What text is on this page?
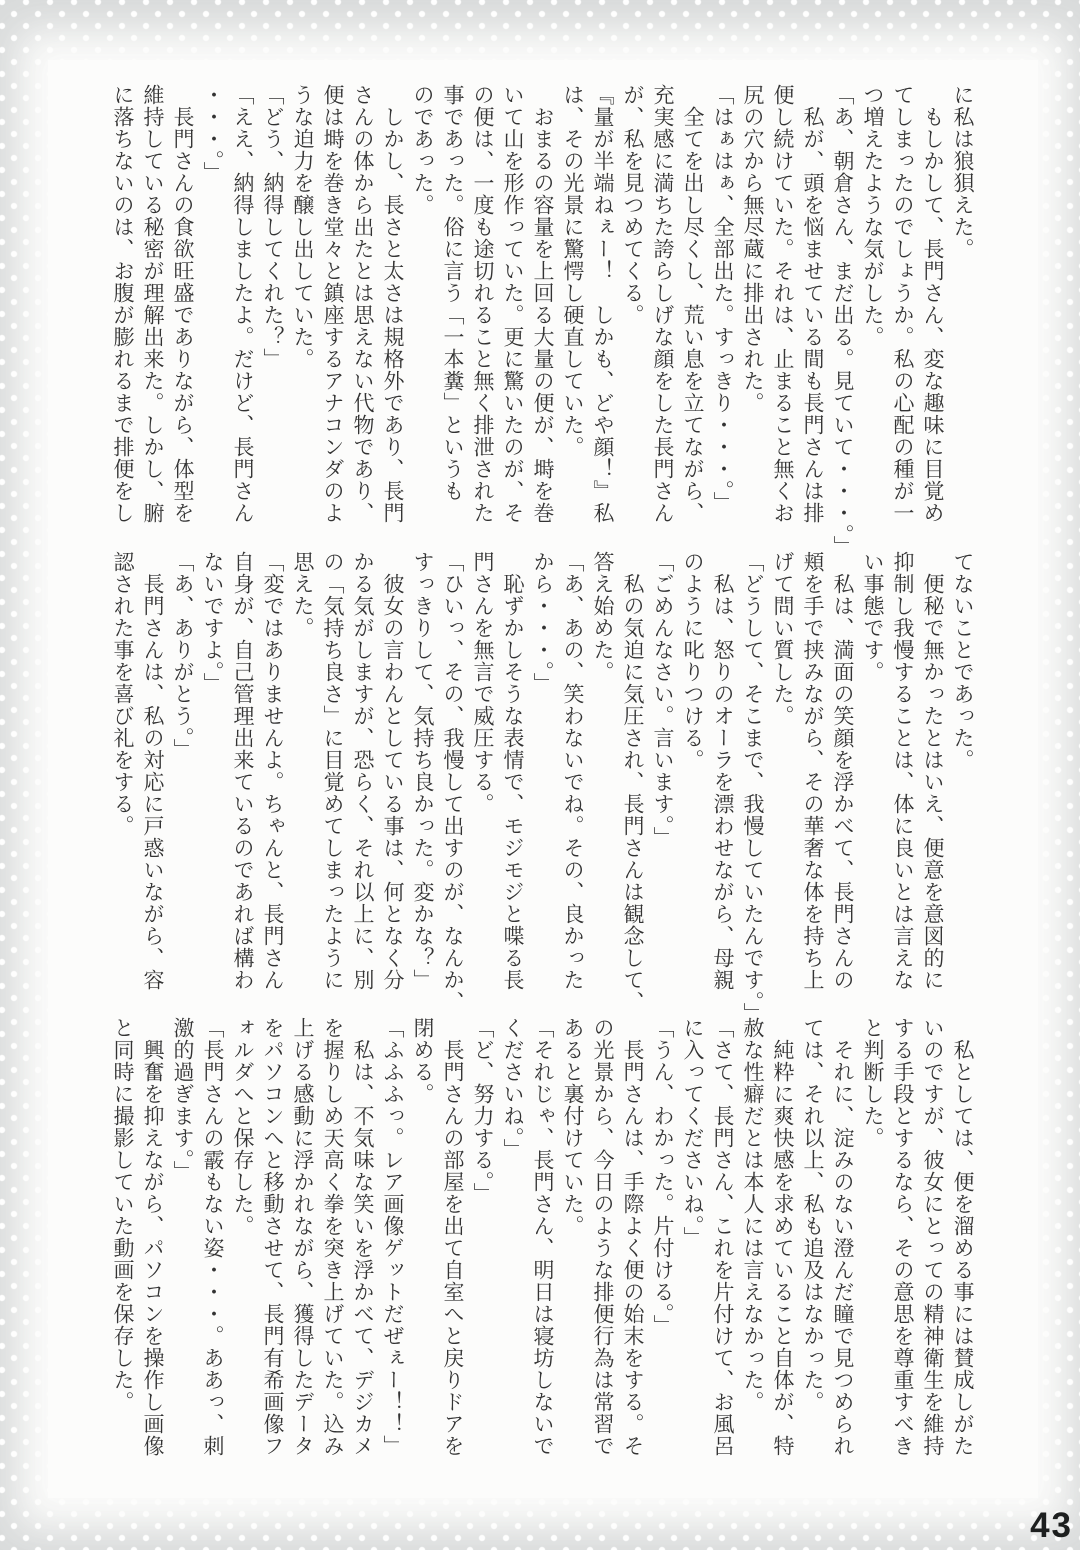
に私は狼狽えた。
　もしかして、長門さん、変な趣味に目覚め
てしまったのでしょうか。私の心配の種が一
つ増えたような気がした。
「あ、朝倉さん、まだ出る。見ていて・・・。」
　私が、頭を悩ませている間も長門さんは排
便し続けていた。それは、止まること無くお
尻の穴から無尽蔵に排出された。
「はぁはぁ、全部出た。すっきり・・・。」
　全てを出し尽くし、荒い息を立てながら、
充実感に満ちた誇らしげな顔をした長門さん
が、私を見つめてくる。
『量が半端ねぇー！　しかも、どや顔！』私
は、その光景に驚愕し硬直していた。
　おまるの容量を上回る大量の便が、塒を巻
いて山を形作っていた。更に驚いたのが、そ
の便は、一度も途切れること無く排泄された
事であった。俗に言う「一本糞」というも
のであった。
　しかし、長さと太さは規格外であり、長門
さんの体から出たとは思えない代物であり、
便は塒を巻き堂々と鎮座するアナコンダのよ
うな迫力を醸し出していた。
「どう、納得してくれた？」
「ええ、納得しましたよ。だけど、長門さん
・・・。」
　長門さんの食欲旺盛でありながら、体型を
維持している秘密が理解出来た。しかし、腑
に落ちないのは、お腹が膨れるまで排便をし
てないことであった。
　便秘で無かったとはいえ、便意を意図的に
抑制し我慢することは、体に良いとは言えな
い事態です。
　私は、満面の笑顔を浮かべて、長門さんの
頬を手で挟みながら、その華奢な体を持ち上
げて問い質した。
「どうして、そこまで、我慢していたんです。」
　私は、怒りのオーラを漂わせながら、母親
のように叱りつける。
「ごめんなさい。言います。」
　私の気迫に気圧され、長門さんは観念して、
答え始めた。
「あ、あの、笑わないでね。その、良かった
から・・・。」
　恥ずかしそうな表情で、モジモジと喋る長
門さんを無言で威圧する。
「ひいっ、その、我慢して出すのが、なんか、
すっきりして、気持ち良かった。変かな？」
　彼女の言わんとしている事は、何となく分
かる気がしますが、恐らく、それ以上に、別
の「気持ち良さ」に目覚めてしまったように
思えた。
「変ではありませんよ。ちゃんと、長門さん
自身が、自己管理出来ているのであれば構わ
ないですよ。」
「あ、ありがとう。」
　長門さんは、私の対応に戸惑いながら、容
認された事を喜び礼をする。
　私としては、便を溜める事には賛成しがた
いのですが、彼女にとっての精神衛生を維持
する手段とするなら、その意思を尊重すべき
と判断した。
　それに、淀みのない澄んだ瞳で見つめられ
ては、それ以上、私も追及はなかった。
　純粋に爽快感を求めていること自体が、特
赦な性癖だとは本人には言えなかった。
「さて、長門さん、これを片付けて、お風呂
に入ってくださいね。」
「うん、わかった。片付ける。」
　長門さんは、手際よく便の始末をする。そ
の光景から、今日のような排便行為は常習で
あると裏付けていた。
「それじゃ、長門さん、明日は寝坊しないで
くださいね。」
「ど、努力する。」
　長門さんの部屋を出て自室へと戻りドアを
閉める。
「ふふふっ。レア画像ゲットだぜぇー！！」
　私は、不気味な笑いを浮かべて、デジカメ
を握りしめ天高く拳を突き上げていた。込み
上げる感動に浮かれながら、獲得したデータ
をパソコンへと移動させて、長門有希画像フ
ォルダへと保存した。
「長門さんの霰もない姿・・・。ああっ、刺
激的過ぎます。」
　興奮を抑えながら、パソコンを操作し画像
と同時に撮影していた動画を保存した。
43
